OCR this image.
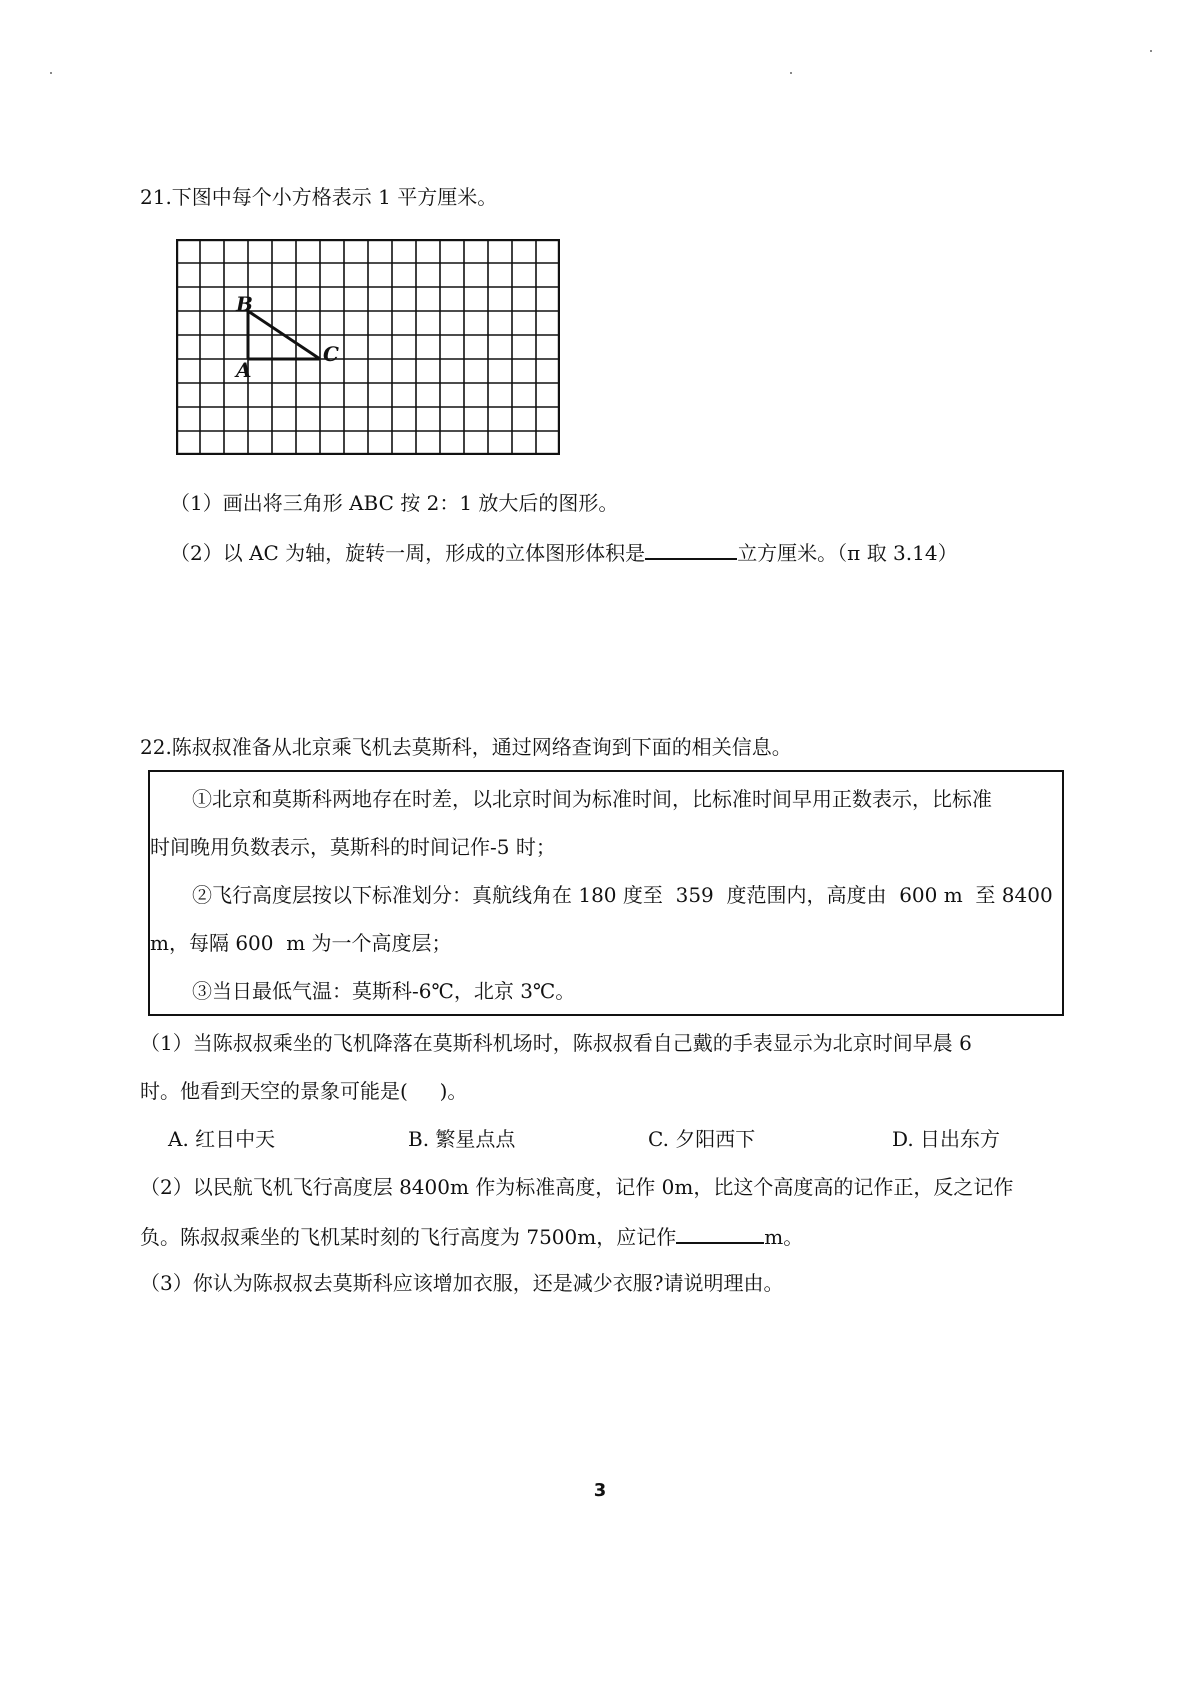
21.下图中每个小方格表示 1 平方厘米。
B
C
A
（1）画出将三角形 ABC 按 2：1 放大后的图形。
（2）以 AC 为轴，旋转一周，形成的立体图形体积是	立方厘米。（π 取 3.14）
22.陈叔叔准备从北京乘飞机去莫斯科，通过网络查询到下面的相关信息。
①北京和莫斯科两地存在时差，以北京时间为标准时间，比标准时间早用正数表示，比标准
时间晚用负数表示，莫斯科的时间记作-5 时；
②飞行高度层按以下标准划分：真航线角在 180 度至  359  度范围内，高度由  600 m  至 8400
m，每隔 600  m 为一个高度层；
③当日最低气温：莫斯科-6℃，北京 3℃。
（1）当陈叔叔乘坐的飞机降落在莫斯科机场时，陈叔叔看自己戴的手表显示为北京时间早晨 6
时。他看到天空的景象可能是(     )。
A. 红日中天	B. 繁星点点	C. 夕阳西下	D. 日出东方
（2）以民航飞机飞行高度层 8400m 作为标准高度，记作 0m，比这个高度高的记作正，反之记作
负。陈叔叔乘坐的飞机某时刻的飞行高度为 7500m，应记作	m。
（3）你认为陈叔叔去莫斯科应该增加衣服，还是减少衣服?请说明理由。
3
